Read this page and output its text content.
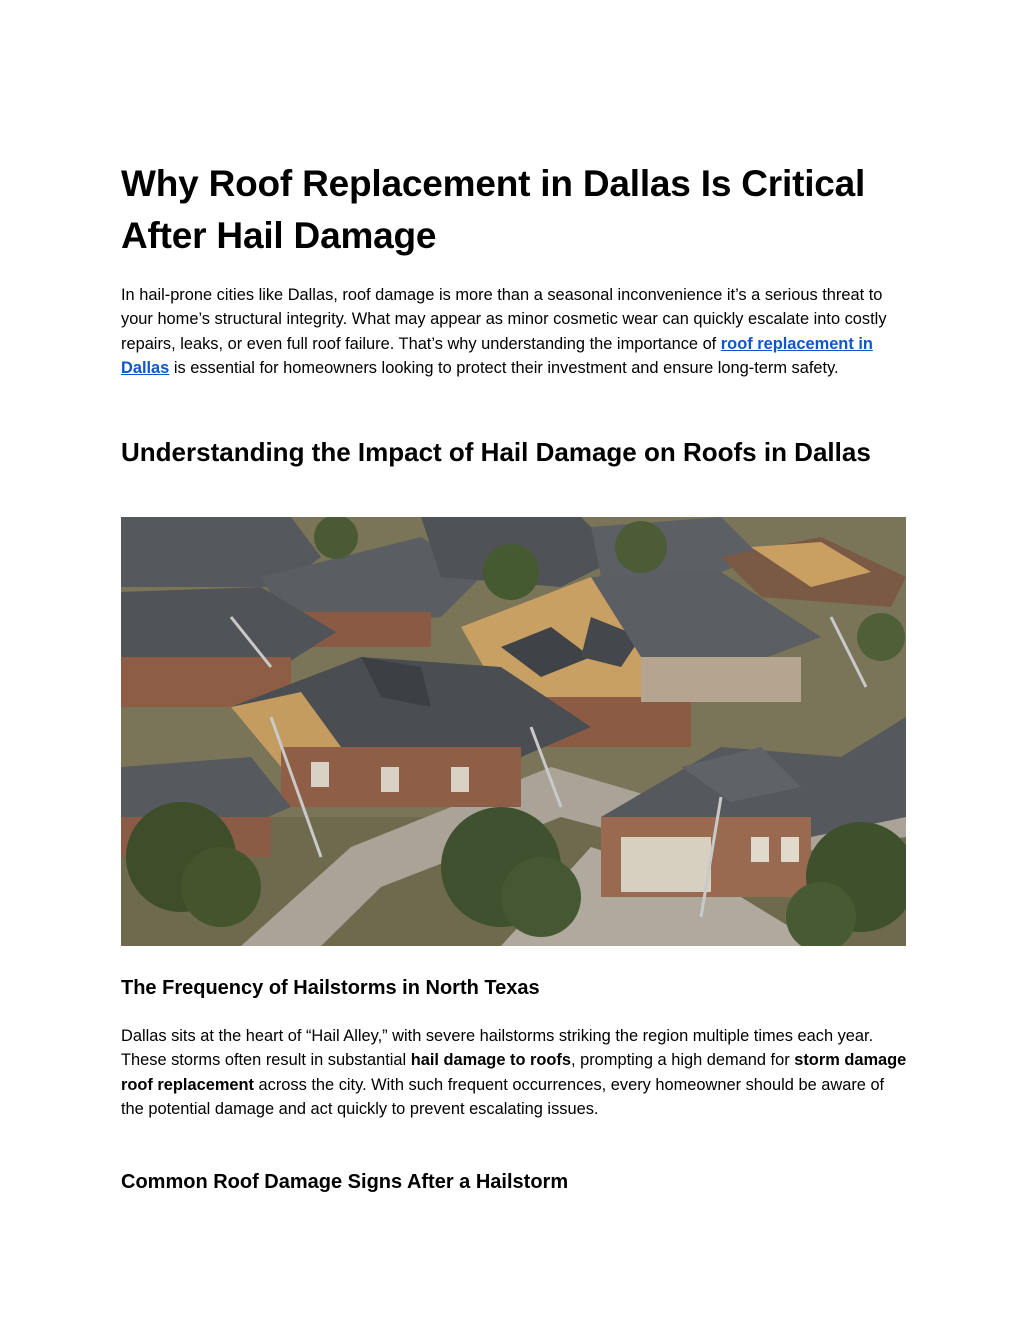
Why Roof Replacement in Dallas Is Critical After Hail Damage

In hail-prone cities like Dallas, roof damage is more than a seasonal inconvenience it’s a serious threat to your home’s structural integrity. What may appear as minor cosmetic wear can quickly escalate into costly repairs, leaks, or even full roof failure. That’s why understanding the importance of roof replacement in Dallas is essential for homeowners looking to protect their investment and ensure long-term safety.

Understanding the Impact of Hail Damage on Roofs in Dallas
The Frequency of Hailstorms in North Texas

Dallas sits at the heart of “Hail Alley,” with severe hailstorms striking the region multiple times each year. These storms often result in substantial hail damage to roofs, prompting a high demand for storm damage roof replacement across the city. With such frequent occurrences, every homeowner should be aware of the potential damage and act quickly to prevent escalating issues.

Common Roof Damage Signs After a Hailstorm
